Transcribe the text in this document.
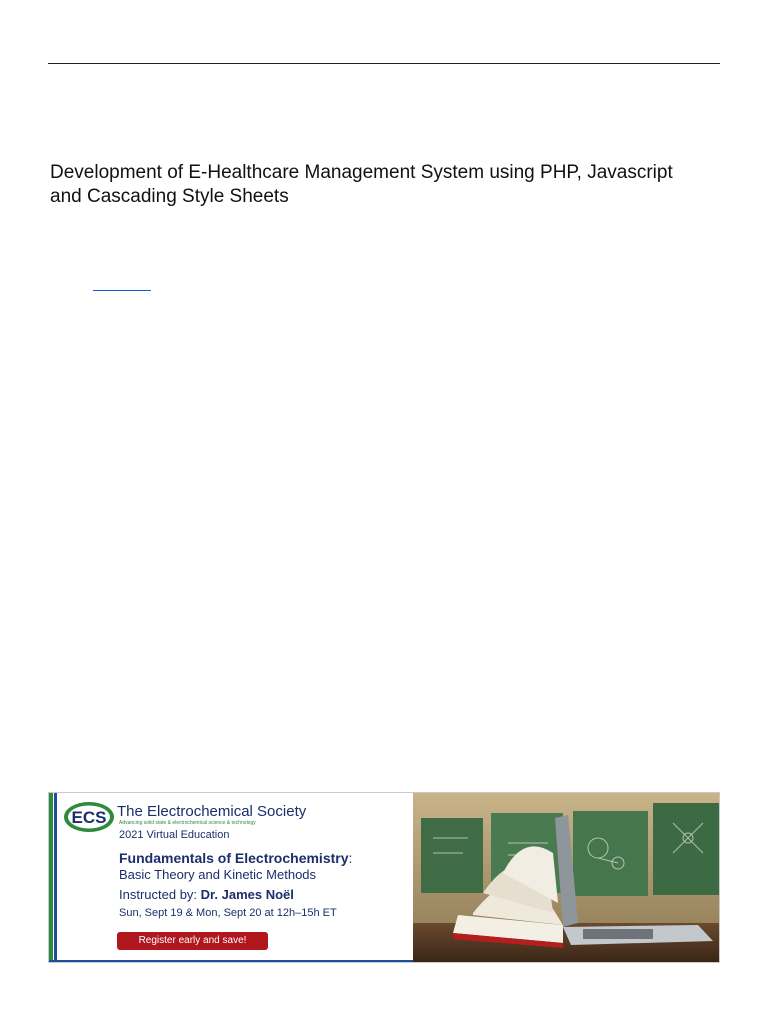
Development of E-Healthcare Management System using PHP, Javascript and Cascading Style Sheets
ECS The Electrochemical Society
Advancing solid state & electrochemical science & technology
2021 Virtual Education
Fundamentals of Electrochemistry:
Basic Theory and Kinetic Methods
Instructed by: Dr. James Noël
Sun, Sept 19 & Mon, Sept 20 at 12h–15h ET
Register early and save!
